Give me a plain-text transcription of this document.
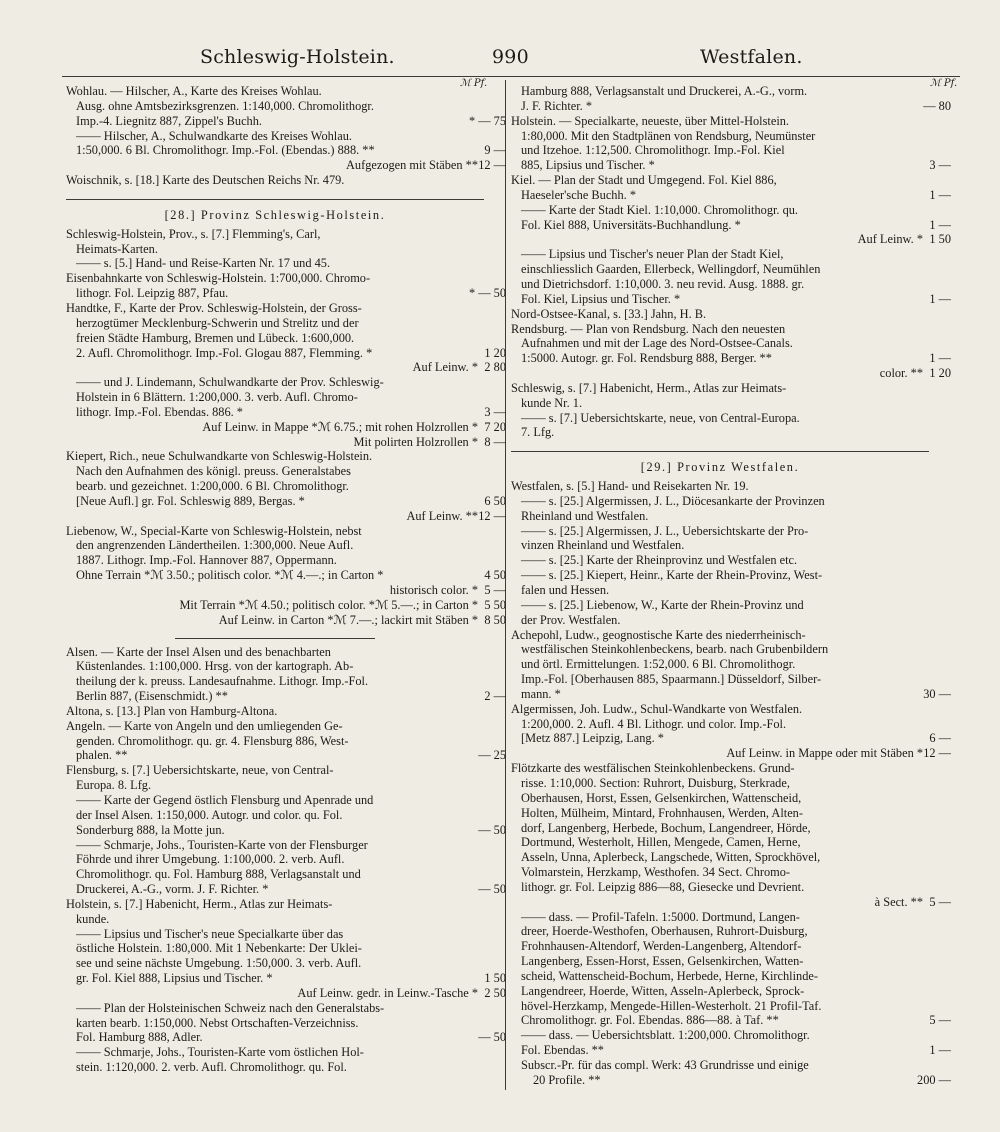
Schleswig-Holstein.	990	Westfalen.
ℳ Pf.	ℳ Pf.
Wohlau. — Hilscher, A., Karte des Kreises Wohlau.
Ausg. ohne Amtsbezirksgrenzen. 1:140,000. Chromolithogr.
Imp.-4. Liegnitz 887, Zippel's Buchh.	* — 75
—— Hilscher, A., Schulwandkarte des Kreises Wohlau.
1:50,000. 6 Bl. Chromolithogr. Imp.-Fol. (Ebendas.) 888. **	9 —
Aufgezogen mit Stäben ** 12 —
Woischnik, s. [18.] Karte des Deutschen Reichs Nr. 479.
[28.] Provinz Schleswig-Holstein.
Schleswig-Holstein, Prov., s. [7.] Flemming's, Carl,
Heimats-Karten.
—— s. [5.] Hand- und Reise-Karten Nr. 17 und 45.
Eisenbahnkarte von Schleswig-Holstein. 1:700,000. Chromo-
lithogr. Fol. Leipzig 887, Pfau.	* — 50
Handtke, F., Karte der Prov. Schleswig-Holstein, der Gross-
herzogtümer Mecklenburg-Schwerin und Strelitz und der
freien Städte Hamburg, Bremen und Lübeck. 1:600,000.
2. Aufl. Chromolithogr. Imp.-Fol. Glogau 887, Flemming. *	1 20
Auf Leinw. * 2 80
—— und J. Lindemann, Schulwandkarte der Prov. Schleswig-
Holstein in 6 Blättern. 1:200,000. 3. verb. Aufl. Chromo-
lithogr. Imp.-Fol. Ebendas. 886. *	3 —
Auf Leinw. in Mappe *ℳ 6.75.; mit rohen Holzrollen * 7 20
Mit polirten Holzrollen * 8 —
Kiepert, Rich., neue Schulwandkarte von Schleswig-Holstein.
Nach den Aufnahmen des königl. preuss. Generalstabes
bearb. und gezeichnet. 1:200,000. 6 Bl. Chromolithogr.
[Neue Aufl.] gr. Fol. Schleswig 889, Bergas. *	6 50
Auf Leinw. ** 12 —
Liebenow, W., Special-Karte von Schleswig-Holstein, nebst
den angrenzenden Ländertheilen. 1:300,000. Neue Aufl.
1887. Lithogr. Imp.-Fol. Hannover 887, Oppermann.
Ohne Terrain *ℳ 3.50.; politisch color. *ℳ 4.—.; in Carton *	4 50
historisch color. * 5 —
Mit Terrain *ℳ 4.50.; politisch color. *ℳ 5.—.; in Carton * 5 50
Auf Leinw. in Carton *ℳ 7.—.; lackirt mit Stäben * 8 50
Alsen. — Karte der Insel Alsen und des benachbarten
Küstenlandes. 1:100,000. Hrsg. von der kartograph. Ab-
theilung der k. preuss. Landesaufnahme. Lithogr. Imp.-Fol.
Berlin 887, (Eisenschmidt.) **	2 —
Altona, s. [13.] Plan von Hamburg-Altona.
Angeln. — Karte von Angeln und den umliegenden Ge-
genden. Chromolithogr. qu. gr. 4. Flensburg 886, West-
phalen. **	— 25
Flensburg, s. [7.] Uebersichtskarte, neue, von Central-
Europa. 8. Lfg.
—— Karte der Gegend östlich Flensburg und Apenrade und
der Insel Alsen. 1:150,000. Autogr. und color. qu. Fol.
Sonderburg 888, la Motte jun.	— 50
—— Schmarje, Johs., Touristen-Karte von der Flensburger
Föhrde und ihrer Umgebung. 1:100,000. 2. verb. Aufl.
Chromolithogr. qu. Fol. Hamburg 888, Verlagsanstalt und
Druckerei, A.-G., vorm. J. F. Richter. *	— 50
Holstein, s. [7.] Habenicht, Herm., Atlas zur Heimats-
kunde.
—— Lipsius und Tischer's neue Specialkarte über das
östliche Holstein. 1:80,000. Mit 1 Nebenkarte: Der Uklei-
see und seine nächste Umgebung. 1:50,000. 3. verb. Aufl.
gr. Fol. Kiel 888, Lipsius und Tischer. *	1 50
Auf Leinw. gedr. in Leinw.-Tasche * 2 50
—— Plan der Holsteinischen Schweiz nach den Generalstabs-
karten bearb. 1:150,000. Nebst Ortschaften-Verzeichniss.
Fol. Hamburg 888, Adler.	— 50
—— Schmarje, Johs., Touristen-Karte vom östlichen Hol-
stein. 1:120,000. 2. verb. Aufl. Chromolithogr. qu. Fol.
Hamburg 888, Verlagsanstalt und Druckerei, A.-G., vorm.
J. F. Richter. *	— 80
Holstein. — Specialkarte, neueste, über Mittel-Holstein.
1:80,000. Mit den Stadtplänen von Rendsburg, Neumünster
und Itzehoe. 1:12,500. Chromolithogr. Imp.-Fol. Kiel
885, Lipsius und Tischer. *	3 —
Kiel. — Plan der Stadt und Umgegend. Fol. Kiel 886,
Haeseler'sche Buchh. *	1 —
—— Karte der Stadt Kiel. 1:10,000. Chromolithogr. qu.
Fol. Kiel 888, Universitäts-Buchhandlung. *	1 —
Auf Leinw. * 1 50
—— Lipsius und Tischer's neuer Plan der Stadt Kiel,
einschliesslich Gaarden, Ellerbeck, Wellingdorf, Neumühlen
und Dietrichsdorf. 1:10,000. 3. neu revid. Ausg. 1888. gr.
Fol. Kiel, Lipsius und Tischer. *	1 —
Nord-Ostsee-Kanal, s. [33.] Jahn, H. B.
Rendsburg. — Plan von Rendsburg. Nach den neuesten
Aufnahmen und mit der Lage des Nord-Ostsee-Canals.
1:5000. Autogr. gr. Fol. Rendsburg 888, Berger. **	1 —
color. ** 1 20
Schleswig, s. [7.] Habenicht, Herm., Atlas zur Heimats-
kunde Nr. 1.
—— s. [7.] Uebersichtskarte, neue, von Central-Europa.
7. Lfg.
[29.] Provinz Westfalen.
Westfalen, s. [5.] Hand- und Reisekarten Nr. 19.
—— s. [25.] Algermissen, J. L., Diöcesankarte der Provinzen
Rheinland und Westfalen.
—— s. [25.] Algermissen, J. L., Uebersichtskarte der Pro-
vinzen Rheinland und Westfalen.
—— s. [25.] Karte der Rheinprovinz und Westfalen etc.
—— s. [25.] Kiepert, Heinr., Karte der Rhein-Provinz, West-
falen und Hessen.
—— s. [25.] Liebenow, W., Karte der Rhein-Provinz und
der Prov. Westfalen.
Achepohl, Ludw., geognostische Karte des niederrheinisch-
westfälischen Steinkohlenbeckens, bearb. nach Grubenbildern
und örtl. Ermittelungen. 1:52,000. 6 Bl. Chromolithogr.
Imp.-Fol. [Oberhausen 885, Spaarmann.] Düsseldorf, Silber-
mann. *	30 —
Algermissen, Joh. Ludw., Schul-Wandkarte von Westfalen.
1:200,000. 2. Aufl. 4 Bl. Lithogr. und color. Imp.-Fol.
[Metz 887.] Leipzig, Lang. *	6 —
Auf Leinw. in Mappe oder mit Stäben * 12 —
Flötzkarte des westfälischen Steinkohlenbeckens. Grund-
risse. 1:10,000. Section: Ruhrort, Duisburg, Sterkrade,
Oberhausen, Horst, Essen, Gelsenkirchen, Wattenscheid,
Holten, Mülheim, Mintard, Frohnhausen, Werden, Alten-
dorf, Langenberg, Herbede, Bochum, Langendreer, Hörde,
Dortmund, Westerholt, Hillen, Mengede, Camen, Herne,
Asseln, Unna, Aplerbeck, Langschede, Witten, Sprockhövel,
Volmarstein, Herzkamp, Westhofen. 34 Sect. Chromo-
lithogr. gr. Fol. Leipzig 886—88, Giesecke und Devrient.
à Sect. ** 5 —
—— dass. — Profil-Tafeln. 1:5000. Dortmund, Langen-
dreer, Hoerde-Westhofen, Oberhausen, Ruhrort-Duisburg,
Frohnhausen-Altendorf, Werden-Langenberg, Altendorf-
Langenberg, Essen-Horst, Essen, Gelsenkirchen, Watten-
scheid, Wattenscheid-Bochum, Herbede, Herne, Kirchlinde-
Langendreer, Hoerde, Witten, Asseln-Aplerbeck, Sprock-
hövel-Herzkamp, Mengede-Hillen-Westerholt. 21 Profil-Taf.
Chromolithogr. gr. Fol. Ebendas. 886—88. à Taf. **	5 —
—— dass. — Uebersichtsblatt. 1:200,000. Chromolithogr.
Fol. Ebendas. **	1 —
Subscr.-Pr. für das compl. Werk: 43 Grundrisse und einige
20 Profile. **	200 —
